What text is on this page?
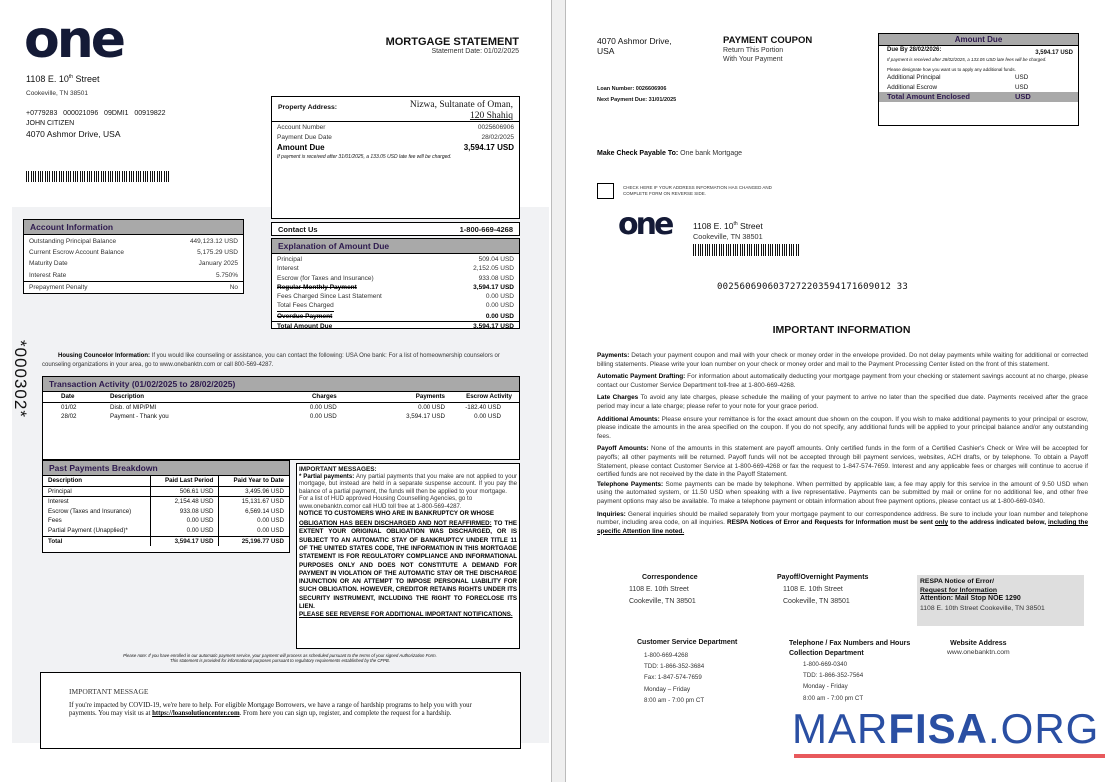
one
1108 E. 10th Street
Cookeville, TN 38501
+0779283   000021096   09DMI1   00919822
JOHN CITIZEN
4070 Ashmor Drive, USA
MORTGAGE STATEMENT
Statement Date: 01/02/2025
*000302*
Property Address:	Nizwa, Sultanate of Oman,
120 Shahiq
Account Number	0025606906
Payment Due Date	28/02/2025
Amount Due	3,594.17 USD
If payment is received after 31/01/2025, a 133.05 USD late fee will be charged.
Contact Us	1-800-669-4268
Explanation of Amount Due
Principal	509.04 USD
Interest	2,152.05 USD
Escrow (for Taxes and Insurance)	933.08 USD
Regular Monthly Payment	3,594.17 USD
Fees Charged Since Last Statement	0.00 USD
Total Fees Charged	0.00 USD
Overdue Payment	0.00 USD
Total Amount Due	3,594.17 USD
Account Information
Outstanding Principal Balance	449,123.12 USD
Current Escrow Account Balance	5,175.29 USD
Maturity Date	January 2025
Interest Rate	5.750%
Prepayment Penalty	No
Housing Councelor Information: If you would like counseling or assistance, you can contact the following: USA One bank: For a list of homeownership counselors or counseling organizations in your area, go to www.onebanktn.com or call 800-569-4287.
Transaction Activity (01/02/2025 to 28/02/2025)
Date	Description	Charges	Payments	Escrow Activity
01/02	Disb. of MIP/PMI	0.00 USD	0.00 USD	-182.40 USD
28/02	Payment - Thank you	0.00 USD	3,594.17 USD	0.00 USD
Past Payments Breakdown
Description	Paid Last Period	Paid Year to Date
Principal	506.61 USD	3,495.96 USD
Interest	2,154.48 USD	15,131.67 USD
Escrow (Taxes and Insurance)	933.08 USD	6,569.14 USD
Fees	0.00 USD	0.00 USD
Partial Payment (Unapplied)*	0.00 USD	0.00 USD
Total	3,594.17 USD	25,196.77 USD
IMPORTANT MESSAGES:
* Partial payments: Any partial payments that you make are not applied to your mortgage, but instead are held in a separate suspense account. If you pay the balance of a partial payment, the funds will then be applied to your mortgage.
For a list of HUD approved Housing Counselling Agencies, go to www.onebanktn.comor call HUD toll free at 1-800-569-4287.
NOTICE TO CUSTOMERS WHO ARE IN BANKRUPTCY OR WHOSE
OBLIGATION HAS BEEN DISCHARGED AND NOT REAFFIRMED: TO THE EXTENT YOUR ORIGINAL OBLIGATION WAS DISCHARGED, OR IS SUBJECT TO AN AUTOMATIC STAY OF BANKRUPTCY UNDER TITLE 11 OF THE UNITED STATES CODE, THE INFORMATION IN THIS MORTGAGE STATEMENT IS FOR REGULATORY COMPLIANCE AND INFORMATIONAL PURPOSES ONLY AND DOES NOT CONSTITUTE A DEMAND FOR PAYMENT IN VIOLATION OF THE AUTOMATIC STAY OR THE DISCHARGE INJUNCTION OR AN ATTEMPT TO IMPOSE PERSONAL LIABILITY FOR SUCH OBLIGATION. HOWEVER, CREDITOR RETAINS RIGHTS UNDER ITS SECURITY INSTRUMENT, INCLUDING THE RIGHT TO FORECLOSE ITS LIEN.
PLEASE SEE REVERSE FOR ADDITIONAL IMPORTANT NOTIFICATIONS.
Please note: If you have enrolled in our automatic payment service, your payment will process as scheduled pursuant to the terms of your signed Authorization Form.
This statement is provided for informational purposes pursuant to regulatory requirements established by the CFPB.
IMPORTANT MESSAGE
If you're impacted by COVID-19, we're here to help. For eligible Mortgage Borrowers, we have a range of hardship programs to help you with your payments. You may visit us at https://loansolutioncenter.com. From here you can sign up, register, and complete the request for a hardship.
4070 Ashmor Drive,
USA
PAYMENT COUPON
Return This Portion
With Your Payment
Loan Number: 0026606906
Next Payment Due: 31/01/2025
Amount Due
Due By 28/02/2026:	3,594.17 USD
If payment is received after 28/02/2025, a 133.05 USD late fees will be charged.
Please designate how you want us to apply any additional funds.
Additional Principal	USD
Additional Escrow	USD
Total Amount Enclosed	USD
Make Check Payable To: One bank Mortgage
CHECK HERE IF YOUR ADDRESS INFORMATION HAS CHANGED AND COMPLETE FORM ON REVERSE SIDE.
one	1108 E. 10th Street
Cookeville, TN 38501
0025606906037272203594171609012 33
IMPORTANT INFORMATION

Payments: Detach your payment coupon and mail with your check or money order in the envelope provided. Do not delay payments while waiting for additional or corrected billing statements. Please write your loan number on your check or money order and mail to the Payment Processing Center listed on the front of this statement.

Automatic Payment Drafting: For information about automatically deducting your mortgage payment from your checking or statement savings account at no charge, please contact our Customer Service Department toll-free at 1-800-669-4268.

Late Charges To avoid any late charges, please schedule the mailing of your payment to arrive no later than the specified due date. Payments received after the grace period may incur a late charge; please refer to your note for your grace period.

Additional Amounts: Please ensure your remittance is for the exact amount due shown on the coupon. If you wish to make additional payments to your principal or escrow, please indicate the amounts in the area specified on the coupon. If you do not specify, any additional funds will be applied to your principal balance and/or any outstanding fees.

Payoff Amounts: None of the amounts in this statement are payoff amounts. Only certified funds in the form of a Certified Cashier's Check or Wire will be accepted for payoffs; all other payments will be returned. Payoff funds will not be accepted through bill payment services, websites, ACH drafts, or by telephone. To obtain a Payoff Statement, please contact Customer Service at 1-800-669-4268 or fax the request to 1-847-574-7659. Interest and any applicable fees or charges will continue to accrue if certified funds are not received by the date in the Payoff Statement.

Telephone Payments: Some payments can be made by telephone. When permitted by applicable law, a fee may apply for this service in the amount of 9.50 USD when using the automated system, or 11.50 USD when speaking with a live representative. Payments can be submitted by mail or online for no additional fee, and other free payment options may also be available. To make a telephone payment or obtain information about free payment options, please contact us at 1-800-669-0340.

Inquiries: General inquiries should be mailed separately from your mortgage payment to our correspondence address. Be sure to include your loan number and telephone number, including area code, on all inquiries. RESPA Notices of Error and Requests for Information must be sent only to the address indicated below, including the specific Attention line noted.

Correspondence
1108 E. 10th Street
Cookeville, TN 38501
Payoff/Overnight Payments
1108 E. 10th Street
Cookeville, TN 38501
RESPA Notice of Error/
Request for Information
Attention: Mail Stop NOE 1290
1108 E. 10th Street Cookeville, TN 38501
Customer Service Department
1-800-669-4268
TDD: 1-866-352-3684
Fax: 1-847-574-7659
Monday – Friday
8:00 am - 7:00 pm CT
Telephone / Fax Numbers and Hours
Collection Department
1-800-669-0340
TDD: 1-866-352-7564
Monday - Friday
8:00 am - 7:00 pm CT
Website Address
www.onebanktn.com
MARFISA.ORG
